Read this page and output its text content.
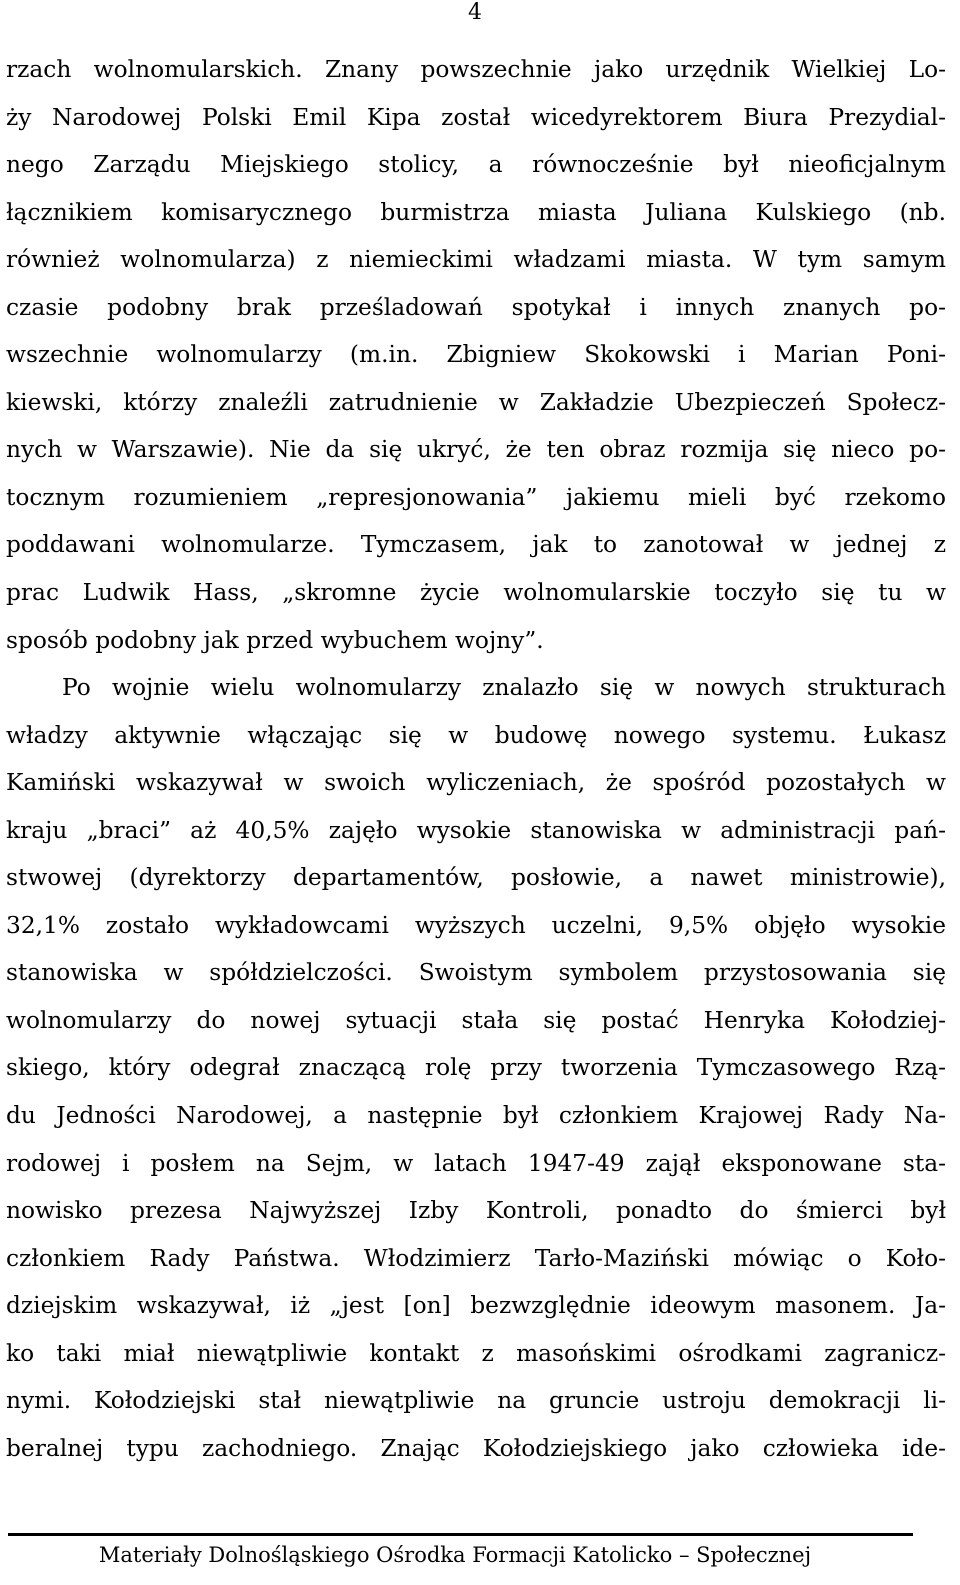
4
rzach wolnomularskich. Znany powszechnie jako urzędnik Wielkiej Lo-
ży Narodowej Polski Emil Kipa został wicedyrektorem Biura Prezydial-
nego Zarządu Miejskiego stolicy, a równocześnie był nieoficjalnym
łącznikiem komisarycznego burmistrza miasta Juliana Kulskiego (nb.
również wolnomularza) z niemieckimi władzami miasta. W tym samym
czasie podobny brak prześladowań spotykał i innych znanych po-
wszechnie wolnomularzy (m.in. Zbigniew Skokowski i Marian Poni-
kiewski, którzy znaleźli zatrudnienie w Zakładzie Ubezpieczeń Społecz-
nych w Warszawie). Nie da się ukryć, że ten obraz rozmija się nieco po-
tocznym rozumieniem „represjonowania” jakiemu mieli być rzekomo
poddawani wolnomularze. Tymczasem, jak to zanotował w jednej z
prac Ludwik Hass, „skromne życie wolnomularskie toczyło się tu w
sposób podobny jak przed wybuchem wojny”.
Po wojnie wielu wolnomularzy znalazło się w nowych strukturach
władzy aktywnie włączając się w budowę nowego systemu. Łukasz
Kamiński wskazywał w swoich wyliczeniach, że spośród pozostałych w
kraju „braci” aż 40,5% zajęło wysokie stanowiska w administracji pań-
stwowej (dyrektorzy departamentów, posłowie, a nawet ministrowie),
32,1% zostało wykładowcami wyższych uczelni, 9,5% objęło wysokie
stanowiska w spółdzielczości. Swoistym symbolem przystosowania się
wolnomularzy do nowej sytuacji stała się postać Henryka Kołodziej-
skiego, który odegrał znaczącą rolę przy tworzenia Tymczasowego Rzą-
du Jedności Narodowej, a następnie był członkiem Krajowej Rady Na-
rodowej i posłem na Sejm, w latach 1947-49 zajął eksponowane sta-
nowisko prezesa Najwyższej Izby Kontroli, ponadto do śmierci był
członkiem Rady Państwa. Włodzimierz Tarło-Maziński mówiąc o Koło-
dziejskim wskazywał, iż „jest [on] bezwzględnie ideowym masonem. Ja-
ko taki miał niewątpliwie kontakt z masońskimi ośrodkami zagranicz-
nymi. Kołodziejski stał niewątpliwie na gruncie ustroju demokracji li-
beralnej typu zachodniego. Znając Kołodziejskiego jako człowieka ide-
Materiały Dolnośląskiego Ośrodka Formacji Katolicko – Społecznej
